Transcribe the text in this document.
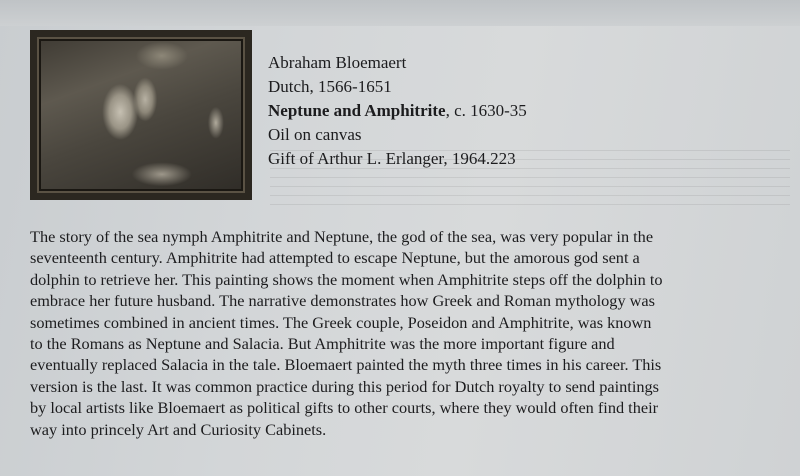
Abraham Bloemaert
Dutch, 1566-1651
Neptune and Amphitrite, c. 1630-35
Oil on canvas
Gift of Arthur L. Erlanger, 1964.223
The story of the sea nymph Amphitrite and Neptune, the god of the sea, was very popular in the
seventeenth century. Amphitrite had attempted to escape Neptune, but the amorous god sent a
dolphin to retrieve her. This painting shows the moment when Amphitrite steps off the dolphin to
embrace her future husband. The narrative demonstrates how Greek and Roman mythology was
sometimes combined in ancient times. The Greek couple, Poseidon and Amphitrite, was known
to the Romans as Neptune and Salacia. But Amphitrite was the more important figure and
eventually replaced Salacia in the tale. Bloemaert painted the myth three times in his career. This
version is the last. It was common practice during this period for Dutch royalty to send paintings
by local artists like Bloemaert as political gifts to other courts, where they would often find their
way into princely Art and Curiosity Cabinets.
